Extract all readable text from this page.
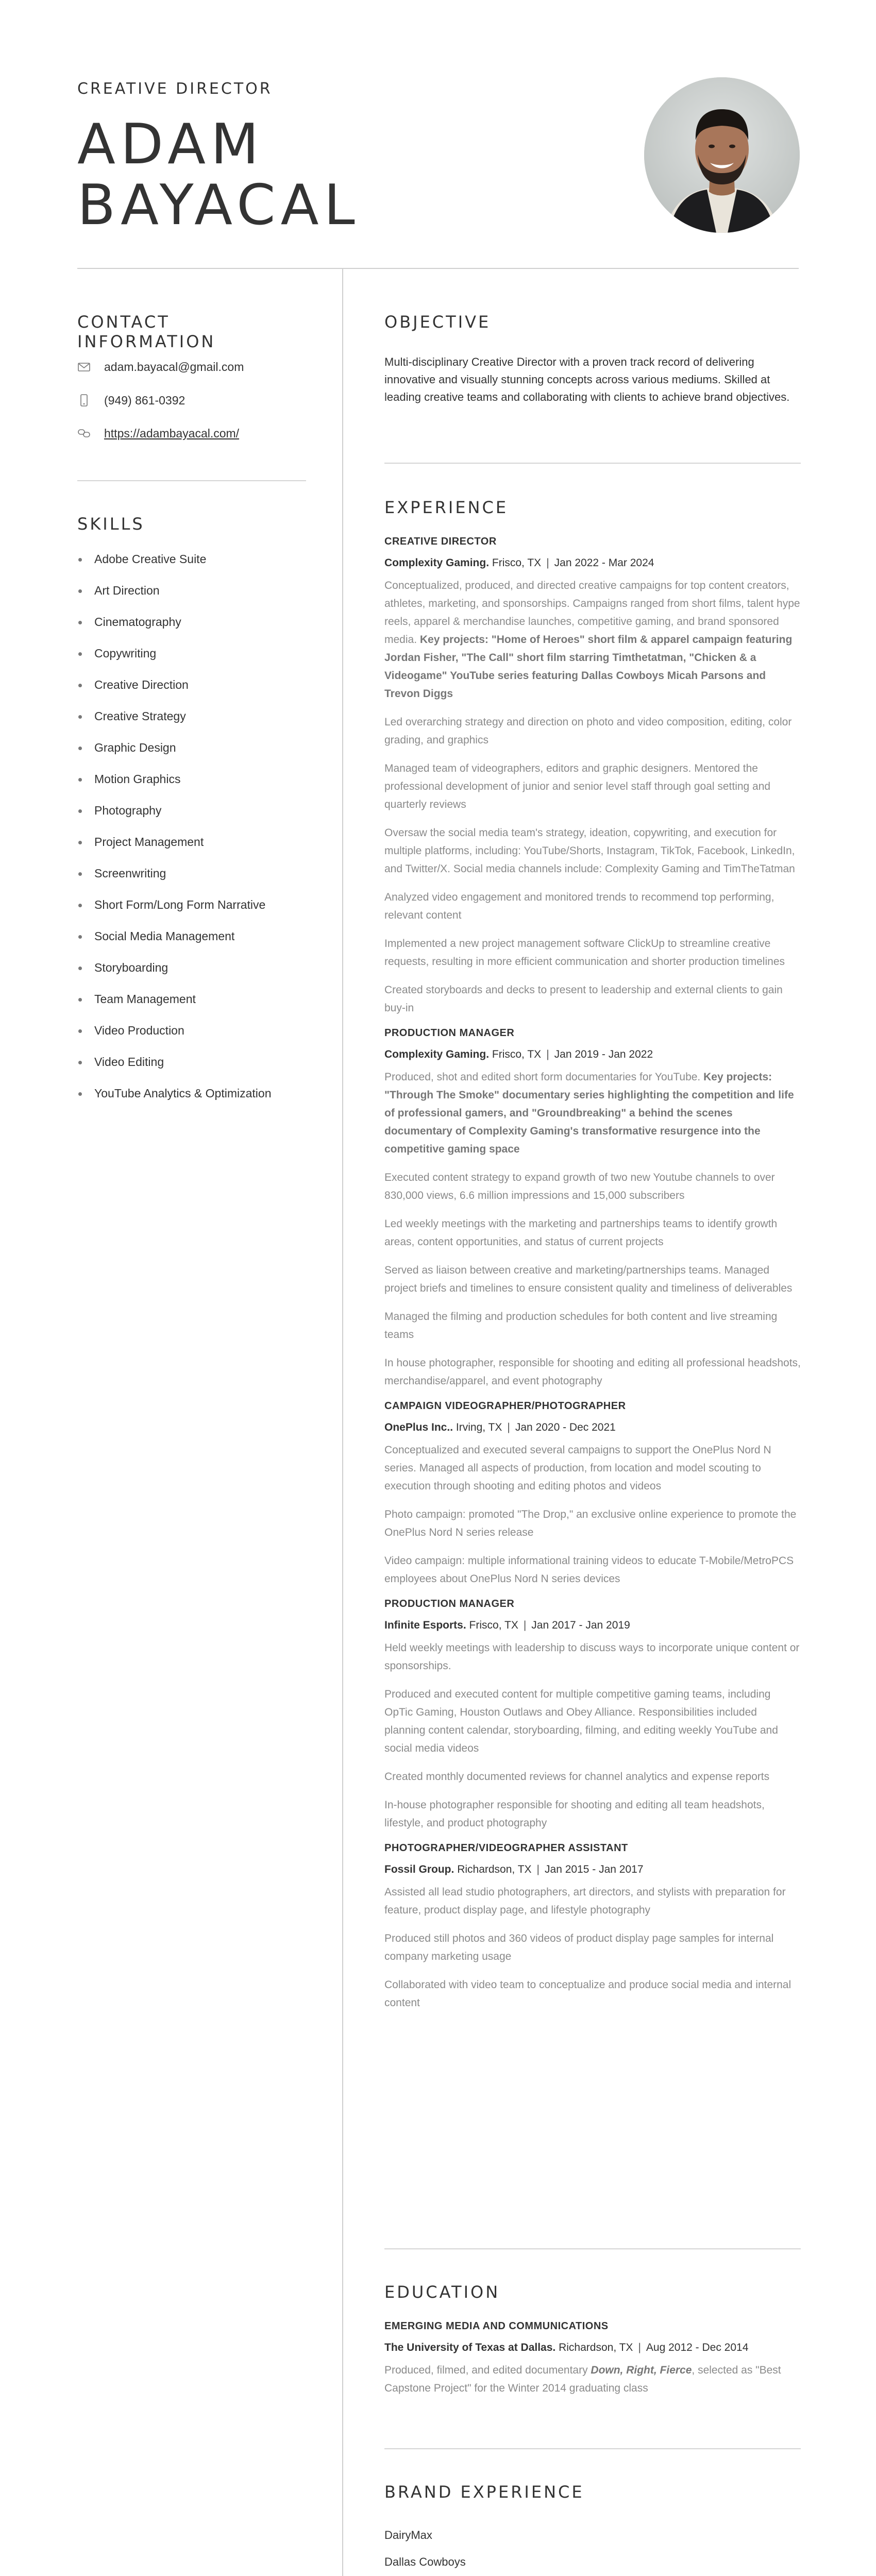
CREATIVE DIRECTOR
ADAM
BAYACAL
CONTACT INFORMATION
adam.bayacal@gmail.com
(949) 861-0392
https://adambayacal.com/
SKILLS
Adobe Creative Suite
Art Direction
Cinematography
Copywriting
Creative Direction
Creative Strategy
Graphic Design
Motion Graphics
Photography
Project Management
Screenwriting
Short Form/Long Form Narrative
Social Media Management
Storyboarding
Team Management
Video Production
Video Editing
YouTube Analytics & Optimization
OBJECTIVE
Multi-disciplinary Creative Director with a proven track record of delivering innovative and visually stunning concepts across various mediums. Skilled at leading creative teams and collaborating with clients to achieve brand objectives.
EXPERIENCE
CREATIVE DIRECTOR
Complexity Gaming. Frisco, TX | Jan 2022 - Mar 2024
Conceptualized, produced, and directed creative campaigns for top content creators, athletes, marketing, and sponsorships. Campaigns ranged from short films, talent hype reels, apparel & merchandise launches, competitive gaming, and brand sponsored media. Key projects: "Home of Heroes" short film & apparel campaign featuring Jordan Fisher, "The Call" short film starring Timthetatman, "Chicken & a Videogame" YouTube series featuring Dallas Cowboys Micah Parsons and Trevon Diggs
Led overarching strategy and direction on photo and video composition, editing, color grading, and graphics
Managed team of videographers, editors and graphic designers. Mentored the professional development of junior and senior level staff through goal setting and quarterly reviews
Oversaw the social media team's strategy, ideation, copywriting, and execution for multiple platforms, including: YouTube/Shorts, Instagram, TikTok, Facebook, LinkedIn, and Twitter/X. Social media channels include: Complexity Gaming and TimTheTatman
Analyzed video engagement and monitored trends to recommend top performing, relevant content
Implemented a new project management software ClickUp to streamline creative requests, resulting in more efficient communication and shorter production timelines
Created storyboards and decks to present to leadership and external clients to gain buy-in
PRODUCTION MANAGER
Complexity Gaming. Frisco, TX | Jan 2019 - Jan 2022
Produced, shot and edited short form documentaries for YouTube. Key projects: "Through The Smoke" documentary series highlighting the competition and life of professional gamers, and "Groundbreaking" a behind the scenes documentary of Complexity Gaming's transformative resurgence into the competitive gaming space
Executed content strategy to expand growth of two new Youtube channels to over 830,000 views, 6.6 million impressions and 15,000 subscribers
Led weekly meetings with the marketing and partnerships teams to identify growth areas, content opportunities, and status of current projects
Served as liaison between creative and marketing/partnerships teams. Managed project briefs and timelines to ensure consistent quality and timeliness of deliverables
Managed the filming and production schedules for both content and live streaming teams
In house photographer, responsible for shooting and editing all professional headshots, merchandise/apparel, and event photography
CAMPAIGN VIDEOGRAPHER/PHOTOGRAPHER
OnePlus Inc.. Irving, TX | Jan 2020 - Dec 2021
Conceptualized and executed several campaigns to support the OnePlus Nord N series. Managed all aspects of production, from location and model scouting to execution through shooting and editing photos and videos
Photo campaign: promoted "The Drop," an exclusive online experience to promote the OnePlus Nord N series release
Video campaign: multiple informational training videos to educate T-Mobile/MetroPCS employees about OnePlus Nord N series devices
PRODUCTION MANAGER
Infinite Esports. Frisco, TX | Jan 2017 - Jan 2019
Held weekly meetings with leadership to discuss ways to incorporate unique content or sponsorships.
Produced and executed content for multiple competitive gaming teams, including OpTic Gaming, Houston Outlaws and Obey Alliance. Responsibilities included planning content calendar, storyboarding, filming, and editing weekly YouTube and social media videos
Created monthly documented reviews for channel analytics and expense reports
In-house photographer responsible for shooting and editing all team headshots, lifestyle, and product photography
PHOTOGRAPHER/VIDEOGRAPHER ASSISTANT
Fossil Group. Richardson, TX | Jan 2015 - Jan 2017
Assisted all lead studio photographers, art directors, and stylists with preparation for feature, product display page, and lifestyle photography
Produced still photos and 360 videos of product display page samples for internal company marketing usage
Collaborated with video team to conceptualize and produce social media and internal content
EDUCATION
EMERGING MEDIA AND COMMUNICATIONS
The University of Texas at Dallas. Richardson, TX | Aug 2012 - Dec 2014
Produced, filmed, and edited documentary Down, Right, Fierce, selected as "Best Capstone Project" for the Winter 2014 graduating class
BRAND EXPERIENCE
DairyMax
Dallas Cowboys
